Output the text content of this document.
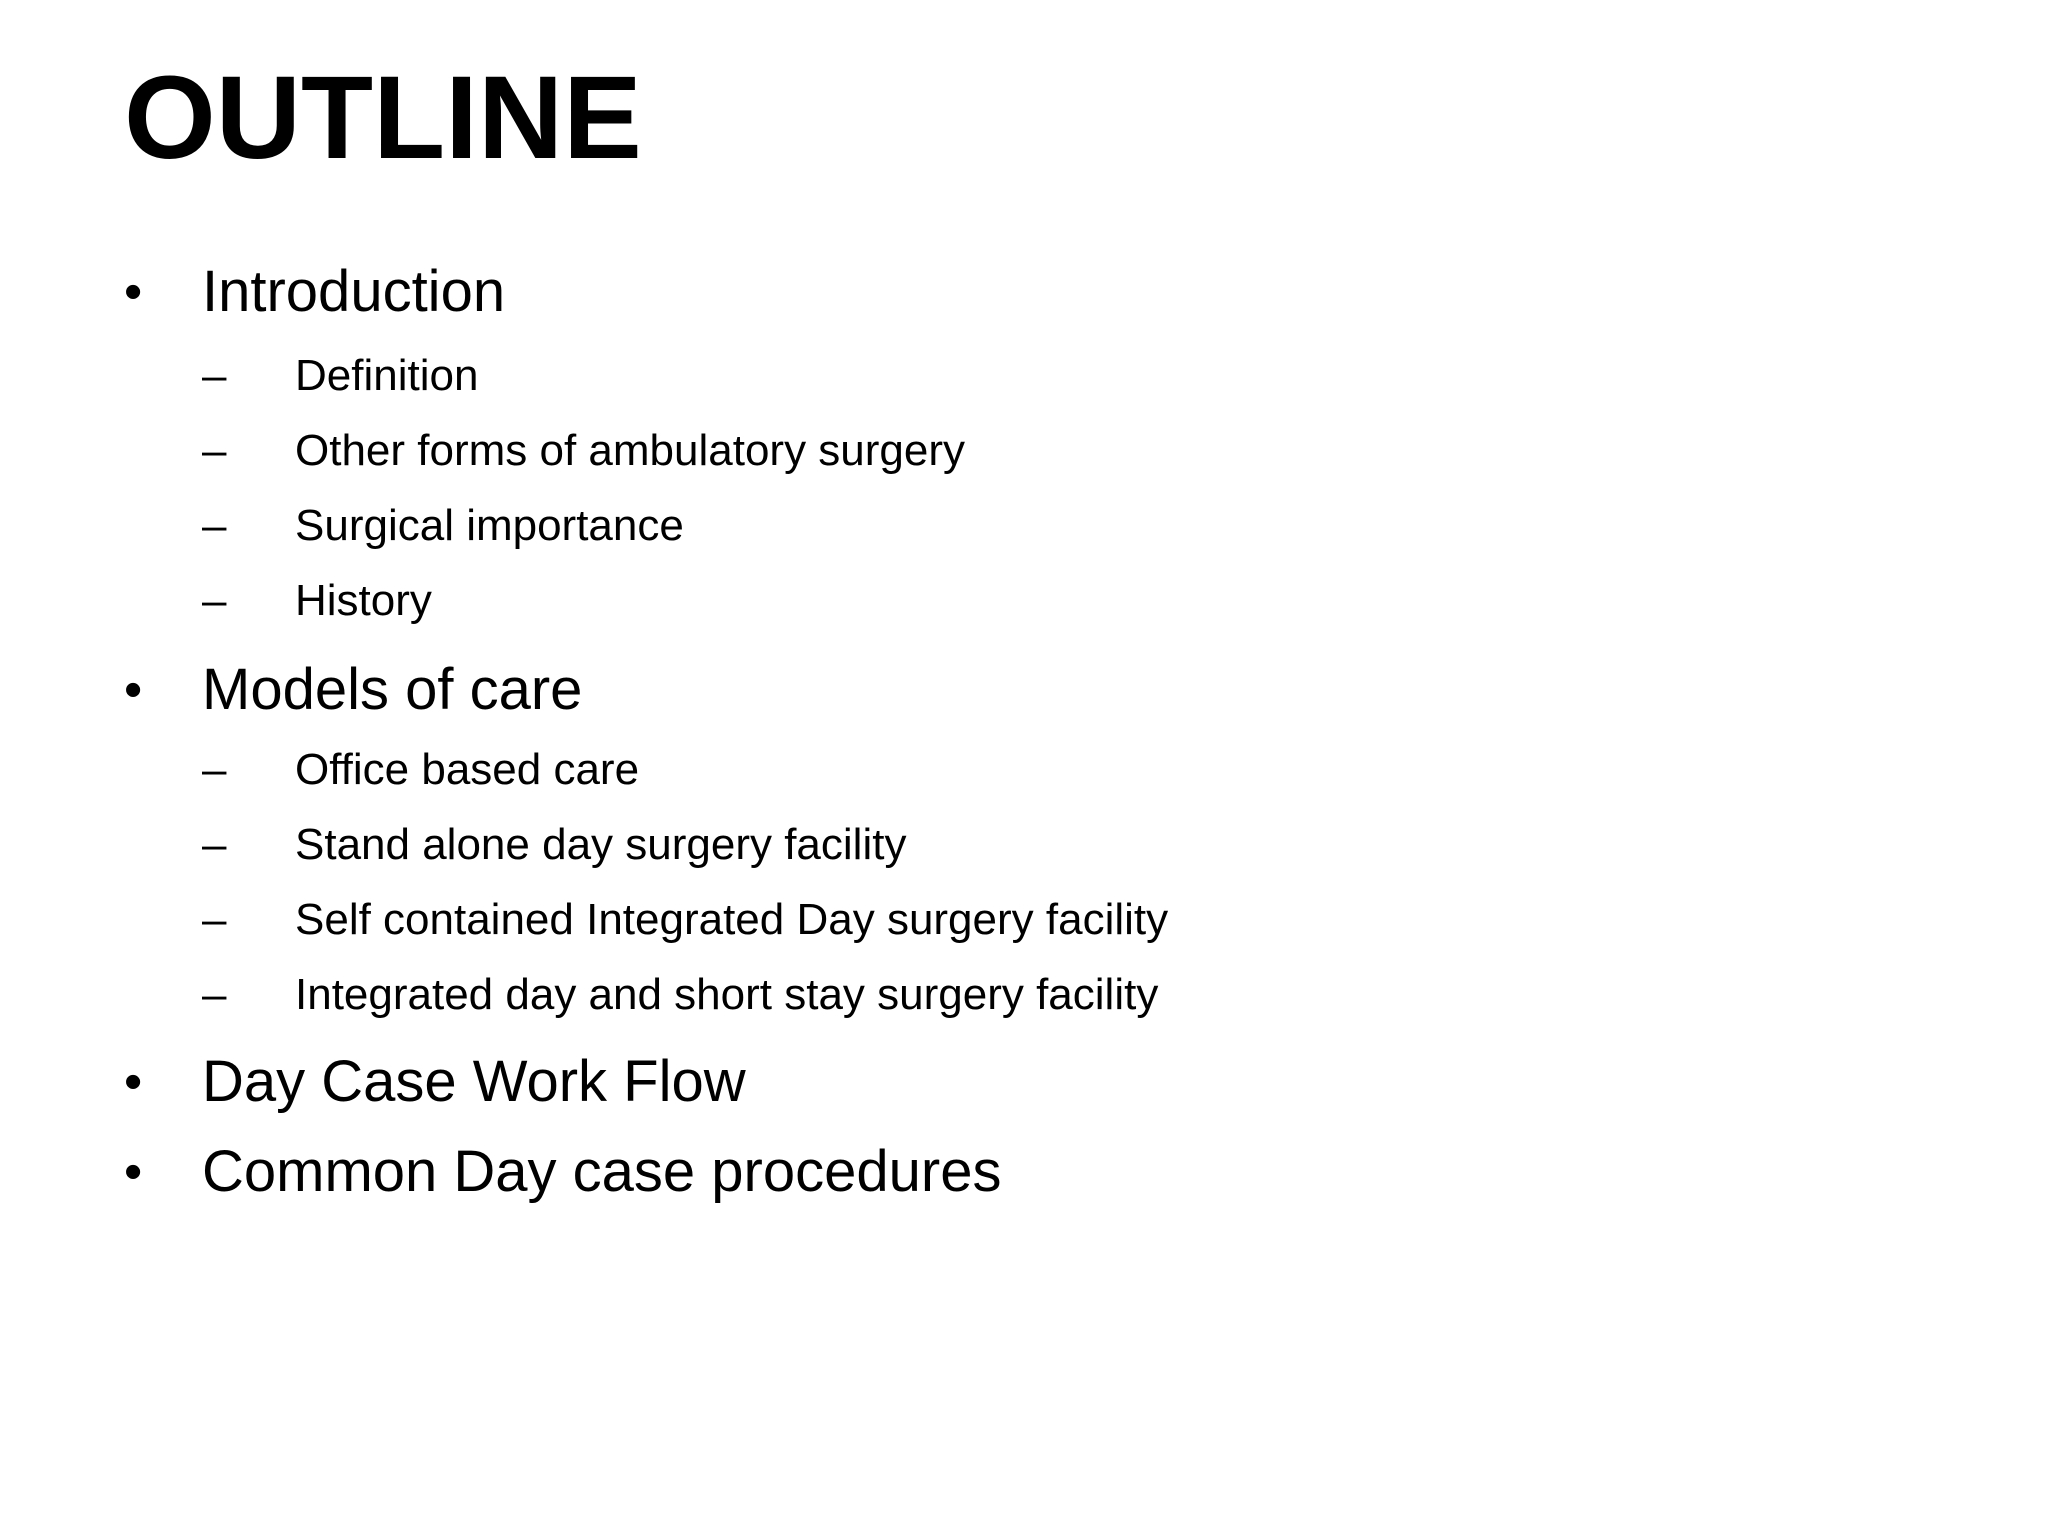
OUTLINE
•	Introduction
–	Definition
–	Other forms of ambulatory surgery
–	Surgical importance
–	History
•	Models of care
–	Office based care
–	Stand alone day surgery facility
–	Self contained Integrated Day surgery facility
–	Integrated day and short stay surgery facility
•	Day Case Work Flow
•	Common Day case procedures
